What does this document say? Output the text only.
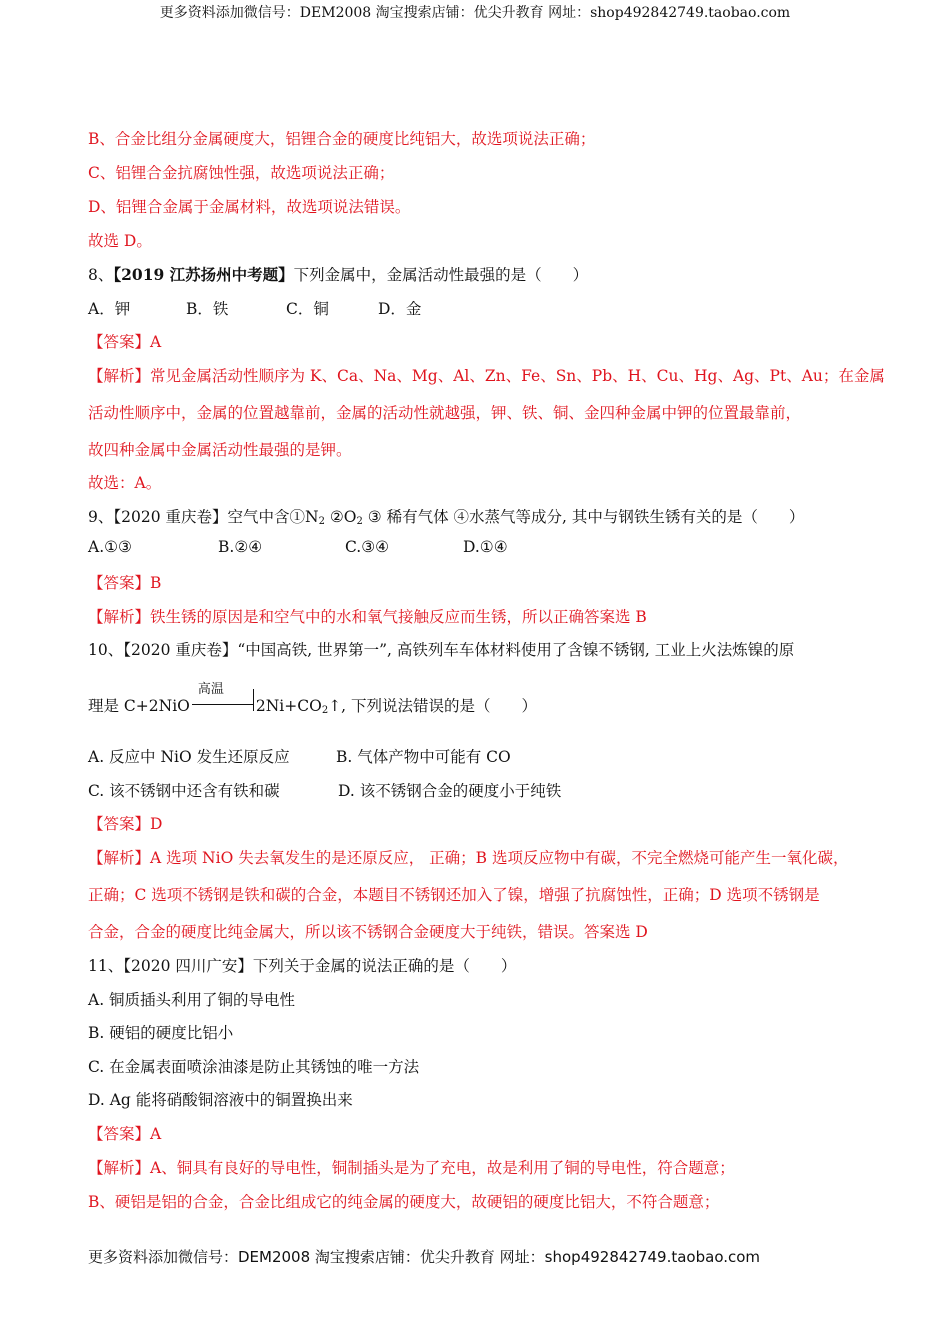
更多资料添加微信号：DEM2008 淘宝搜索店铺：优尖升教育 网址：shop492842749.taobao.com
B、合金比组分金属硬度大，铝锂合金的硬度比纯铝大，故选项说法正确；
C、铝锂合金抗腐蚀性强，故选项说法正确；
D、铝锂合金属于金属材料，故选项说法错误。
故选 D。
8、【2019 江苏扬州中考题】下列金属中，金属活动性最强的是（　　）
A．钾	B．铁	C．铜	D．金
【答案】A
【解析】常见金属活动性顺序为 K、Ca、Na、Mg、Al、Zn、Fe、Sn、Pb、H、Cu、Hg、Ag、Pt、Au；在金属
活动性顺序中，金属的位置越靠前，金属的活动性就越强，钾、铁、铜、金四种金属中钾的位置最靠前，
故四种金属中金属活动性最强的是钾。
故选：A。
9、【2020 重庆卷】空气中含$①N_2$ $②O_2$ ③ 稀有气体 ④水蒸气等成分, 其中与钢铁生锈有关的是（　　）
A.①③	B.②④	C.③④	D.①④
【答案】B
【解析】铁生锈的原因是和空气中的水和氧气接触反应而生锈，所以正确答案选 B
10、【2020 重庆卷】“中国高铁, 世界第一”, 高铁列车车体材料使用了含镍不锈钢, 工业上火法炼镍的原
理是 C+2NiO
高温
$2Ni+CO_2↑$, 下列说法错误的是（　　）
A. 反应中 NiO 发生还原反应	B. 气体产物中可能有 CO
C. 该不锈钢中还含有铁和碳	D. 该不锈钢合金的硬度小于纯铁
【答案】D
【解析】A 选项 NiO 失去氧发生的是还原反应， 正确；B 选项反应物中有碳，不完全燃烧可能产生一氧化碳，
正确；C 选项不锈钢是铁和碳的合金，本题目不锈钢还加入了镍，增强了抗腐蚀性，正确；D 选项不锈钢是
合金，合金的硬度比纯金属大，所以该不锈钢合金硬度大于纯铁，错误。答案选 D
11、【2020 四川广安】下列关于金属的说法正确的是（　　）
A. 铜质插头利用了铜的导电性
B. 硬铝的硬度比铝小
C. 在金属表面喷涂油漆是防止其锈蚀的唯一方法
D. Ag 能将硝酸铜溶液中的铜置换出来
【答案】A
【解析】A、铜具有良好的导电性，铜制插头是为了充电，故是利用了铜的导电性，符合题意；
B、硬铝是铝的合金，合金比组成它的纯金属的硬度大，故硬铝的硬度比铝大，不符合题意；
更多资料添加微信号：DEM2008 淘宝搜索店铺：优尖升教育 网址：shop492842749.taobao.com
